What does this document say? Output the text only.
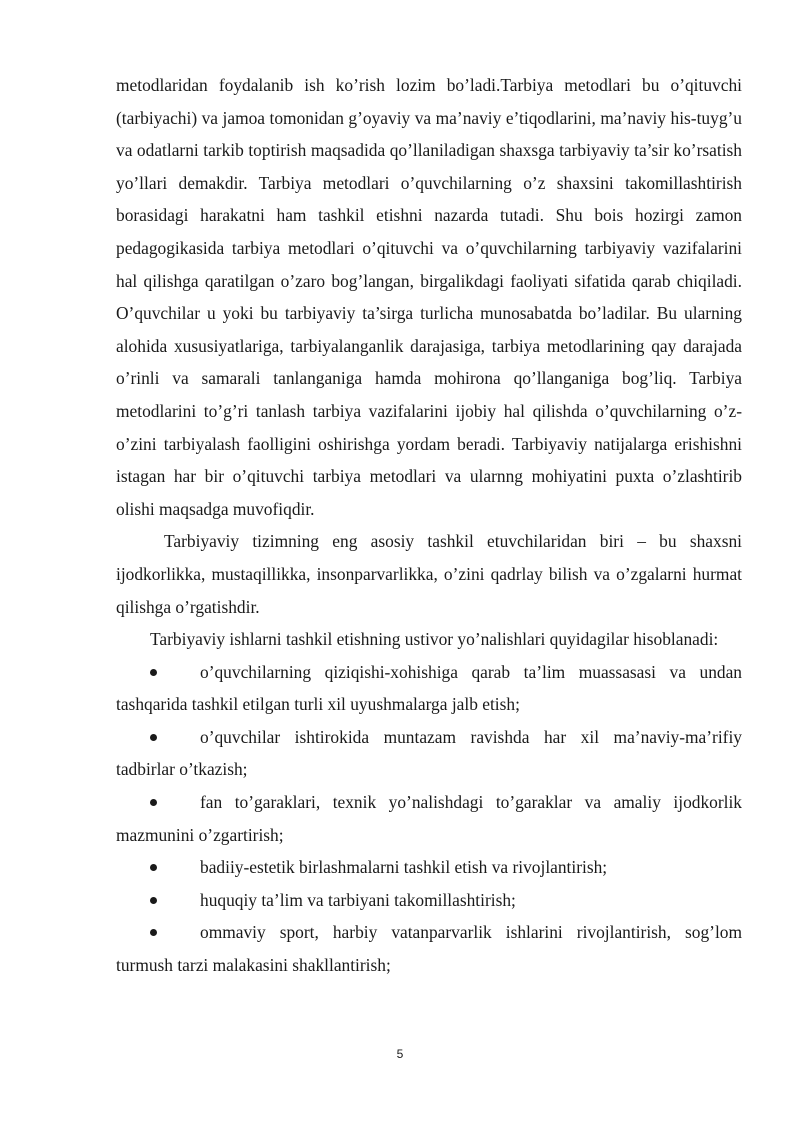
metodlaridan foydalanib ish ko’rish lozim bo’ladi.Tarbiya metodlari bu o’qituvchi (tarbiyachi) va jamoa tomonidan g’oyaviy va ma’naviy e’tiqodlarini, ma’naviy his-tuyg’u va odatlarni tarkib toptirish maqsadida qo’llaniladigan shaxsga tarbiyaviy ta’sir ko’rsatish yo’llari demakdir. Tarbiya metodlari o’quvchilarning o’z shaxsini takomillashtirish borasidagi harakatni ham tashkil etishni nazarda tutadi. Shu bois hozirgi zamon pedagogikasida tarbiya metodlari o’qituvchi va o’quvchilarning tarbiyaviy vazifalarini hal qilishga qaratilgan o’zaro bog’langan, birgalikdagi faoliyati sifatida qarab chiqiladi. O’quvchilar u yoki bu tarbiyaviy ta’sirga turlicha munosabatda bo’ladilar. Bu ularning alohida xususiyatlariga, tarbiyalanganlik darajasiga, tarbiya metodlarining qay darajada o’rinli va samarali tanlanganiga hamda mohirona qo’llanganiga bog’liq. Tarbiya metodlarini to’g’ri tanlash tarbiya vazifalarini ijobiy hal qilishda o’quvchilarning o’z-o’zini tarbiyalash faolligini oshirishga yordam beradi. Tarbiyaviy natijalarga erishishni istagan har bir o’qituvchi tarbiya metodlari va ularnng mohiyatini puxta o’zlashtirib olishi maqsadga muvofiqdir.

Tarbiyaviy tizimning eng asosiy tashkil etuvchilaridan biri – bu shaxsni ijodkorlikka, mustaqillikka, insonparvarlikka, o’zini qadrlay bilish va o’zgalarni hurmat qilishga o’rgatishdir.

Tarbiyaviy ishlarni tashkil etishning ustivor yo’nalishlari quyidagilar hisoblanadi:

o’quvchilarning qiziqishi-xohishiga qarab ta’lim muassasasi va undan tashqarida tashkil etilgan turli xil uyushmalarga jalb etish;
o’quvchilar ishtirokida muntazam ravishda har xil ma’naviy-ma’rifiy tadbirlar o’tkazish;
fan to’garaklari, texnik yo’nalishdagi to’garaklar va amaliy ijodkorlik mazmunini o’zgartirish;
badiiy-estetik birlashmalarni tashkil etish va rivojlantirish;
huquqiy ta’lim va tarbiyani takomillashtirish;
ommaviy sport, harbiy vatanparvarlik ishlarini rivojlantirish, sog’lom turmush tarzi malakasini shakllantirish;
5
